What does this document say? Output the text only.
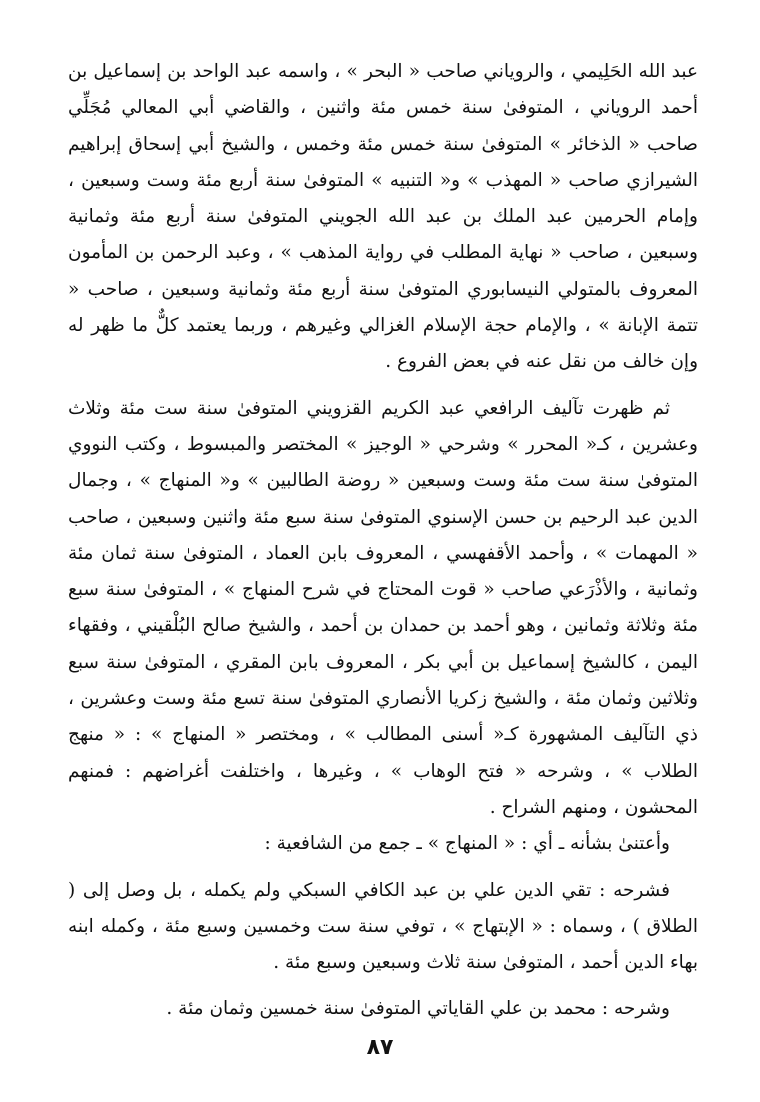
عبد الله الحَلِيمي ، والروياني صاحب « البحر » ، واسمه عبد الواحد بن إسماعيل بن أحمد الروياني ، المتوفىٰ سنة خمس مئة واثنين ، والقاضي أبي المعالي مُجَلِّي صاحب « الذخائر » المتوفىٰ سنة خمس مئة وخمس ، والشيخ أبي إسحاق إبراهيم الشيرازي صاحب « المهذب » و« التنبيه » المتوفىٰ سنة أربع مئة وست وسبعين ، وإمام الحرمين عبد الملك بن عبد الله الجويني المتوفىٰ سنة أربع مئة وثمانية وسبعين ، صاحب « نهاية المطلب في رواية المذهب » ، وعبد الرحمن بن المأمون المعروف بالمتولي النيسابوري المتوفىٰ سنة أربع مئة وثمانية وسبعين ، صاحب « تتمة الإبانة » ، والإمام حجة الإسلام الغزالي وغيرهم ، وربما يعتمد كلٌّ ما ظهر له وإن خالف من نقل عنه في بعض الفروع .

ثم ظهرت تآليف الرافعي عبد الكريم القزويني المتوفىٰ سنة ست مئة وثلاث وعشرين ، كـ« المحرر » وشرحي « الوجيز » المختصر والمبسوط ، وكتب النووي المتوفىٰ سنة ست مئة وست وسبعين « روضة الطالبين » و« المنهاج » ، وجمال الدين عبد الرحيم بن حسن الإسنوي المتوفىٰ سنة سبع مئة واثنين وسبعين ، صاحب « المهمات » ، وأحمد الأقفهسي ، المعروف بابن العماد ، المتوفىٰ سنة ثمان مئة وثمانية ، والأذْرَعي صاحب « قوت المحتاج في شرح المنهاج » ، المتوفىٰ سنة سبع مئة وثلاثة وثمانين ، وهو أحمد بن حمدان بن أحمد ، والشيخ صالح البُلْقيني ، وفقهاء اليمن ، كالشيخ إسماعيل بن أبي بكر ، المعروف بابن المقري ، المتوفىٰ سنة سبع وثلاثين وثمان مئة ، والشيخ زكريا الأنصاري المتوفىٰ سنة تسع مئة وست وعشرين ، ذي التآليف المشهورة كـ« أسنى المطالب » ، ومختصر « المنهاج » : « منهج الطلاب » ، وشرحه « فتح الوهاب » ، وغيرها ، واختلفت أغراضهم : فمنهم المحشون ، ومنهم الشراح .

وأعتنىٰ بشأنه ـ أي : « المنهاج » ـ جمع من الشافعية :

فشرحه : تقي الدين علي بن عبد الكافي السبكي ولم يكمله ، بل وصل إلى ( الطلاق ) ، وسماه : « الإبتهاج » ، توفي سنة ست وخمسين وسبع مئة ، وكمله ابنه بهاء الدين أحمد ، المتوفىٰ سنة ثلاث وسبعين وسبع مئة .

وشرحه : محمد بن علي القاياتي المتوفىٰ سنة خمسين وثمان مئة .

٨٧
